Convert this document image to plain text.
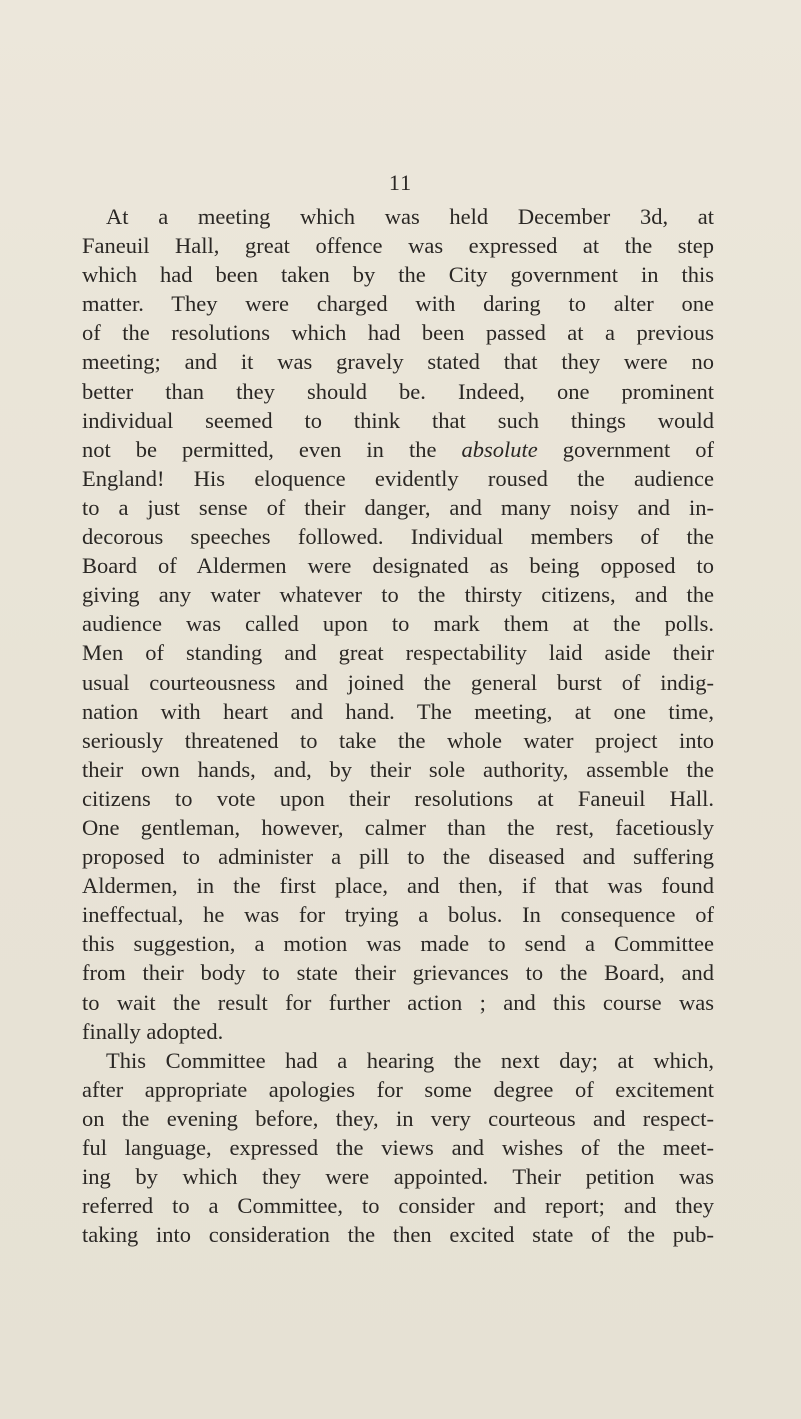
11
At a meeting which was held December 3d, at
Faneuil Hall, great offence was expressed at the step
which had been taken by the City government in this
matter. They were charged with daring to alter one
of the resolutions which had been passed at a previous
meeting; and it was gravely stated that they were no
better than they should be. Indeed, one prominent
individual seemed to think that such things would
not be permitted, even in the absolute government of
England! His eloquence evidently roused the audience
to a just sense of their danger, and many noisy and in-
decorous speeches followed. Individual members of the
Board of Aldermen were designated as being opposed to
giving any water whatever to the thirsty citizens, and the
audience was called upon to mark them at the polls.
Men of standing and great respectability laid aside their
usual courteousness and joined the general burst of indig-
nation with heart and hand. The meeting, at one time,
seriously threatened to take the whole water project into
their own hands, and, by their sole authority, assemble the
citizens to vote upon their resolutions at Faneuil Hall.
One gentleman, however, calmer than the rest, facetiously
proposed to administer a pill to the diseased and suffering
Aldermen, in the first place, and then, if that was found
ineffectual, he was for trying a bolus. In consequence of
this suggestion, a motion was made to send a Committee
from their body to state their grievances to the Board, and
to wait the result for further action ; and this course was
finally adopted.
This Committee had a hearing the next day; at which,
after appropriate apologies for some degree of excitement
on the evening before, they, in very courteous and respect-
ful language, expressed the views and wishes of the meet-
ing by which they were appointed. Their petition was
referred to a Committee, to consider and report; and they
taking into consideration the then excited state of the pub-
